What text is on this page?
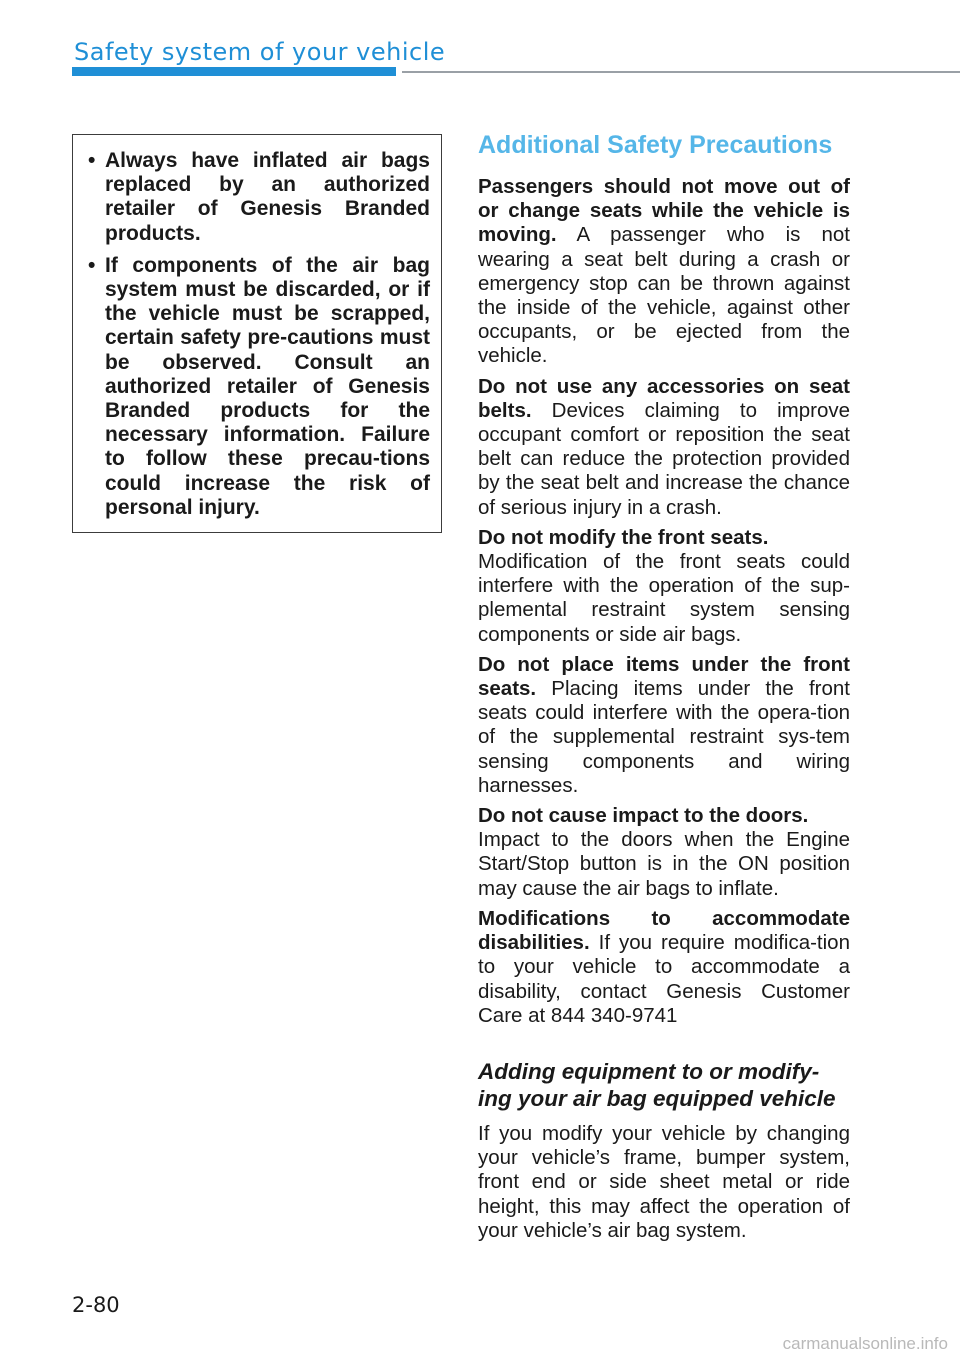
Safety system of your vehicle
• Always have inflated air bags replaced by an authorized retailer of Genesis Branded products.
• If components of the air bag system must be discarded, or if the vehicle must be scrapped, certain safety pre-cautions must be observed. Consult an authorized retailer of Genesis Branded products for the necessary information. Failure to follow these precau-tions could increase the risk of personal injury.
Additional Safety Precautions

Passengers should not move out of or change seats while the vehicle is moving. A passenger who is not wearing a seat belt during a crash or emergency stop can be thrown against the inside of the vehicle, against other occupants, or be ejected from the vehicle.

Do not use any accessories on seat belts. Devices claiming to improve occupant comfort or reposition the seat belt can reduce the protection provided by the seat belt and increase the chance of serious injury in a crash.

Do not modify the front seats.
Modification of the front seats could interfere with the operation of the sup-plemental restraint system sensing components or side air bags.

Do not place items under the front seats. Placing items under the front seats could interfere with the opera-tion of the supplemental restraint sys-tem sensing components and wiring harnesses.

Do not cause impact to the doors.
Impact to the doors when the Engine Start/Stop button is in the ON position may cause the air bags to inflate.

Modifications to accommodate disabilities. If you require modifica-tion to your vehicle to accommodate a disability, contact Genesis Customer Care at 844 340-9741

Adding equipment to or modify-ing your air bag equipped vehicle

If you modify your vehicle by changing your vehicle’s frame, bumper system, front end or side sheet metal or ride height, this may affect the operation of your vehicle’s air bag system.

2-80
carmanualsonline.info
